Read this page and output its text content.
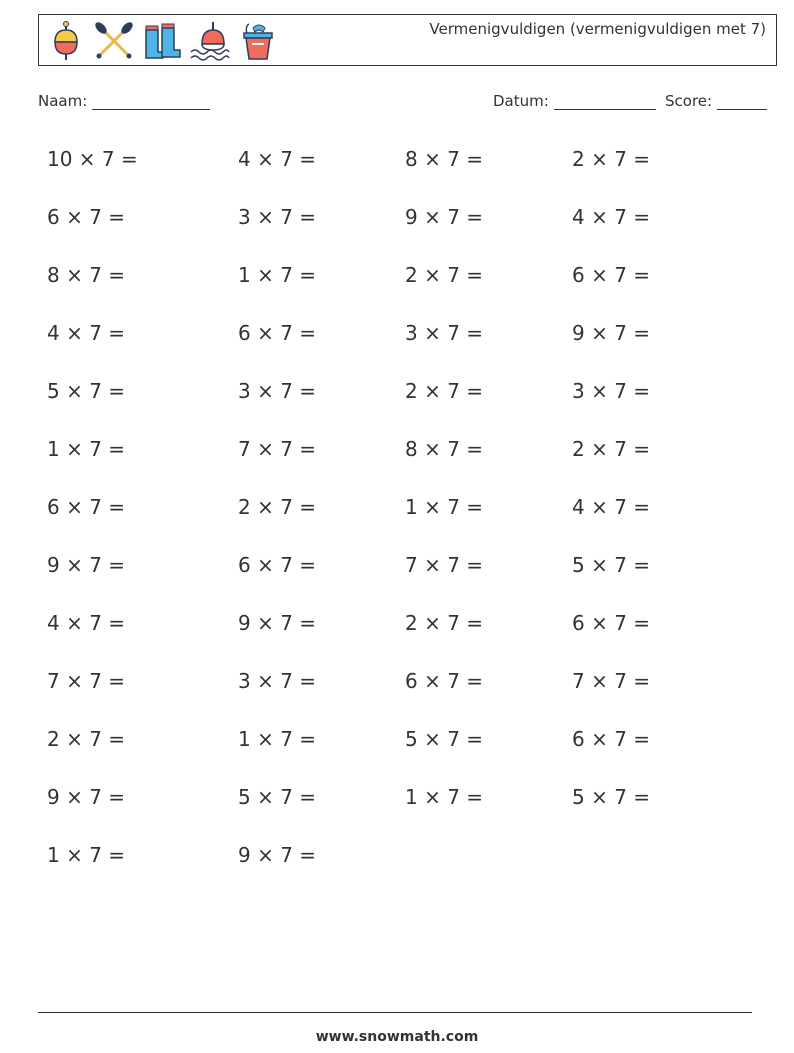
Vermenigvuldigen (vermenigvuldigen met 7)
Naam:	Datum:	Score:
10 × 7 =	4 × 7 =	8 × 7 =	2 × 7 =
6 × 7 =	3 × 7 =	9 × 7 =	4 × 7 =
8 × 7 =	1 × 7 =	2 × 7 =	6 × 7 =
4 × 7 =	6 × 7 =	3 × 7 =	9 × 7 =
5 × 7 =	3 × 7 =	2 × 7 =	3 × 7 =
1 × 7 =	7 × 7 =	8 × 7 =	2 × 7 =
6 × 7 =	2 × 7 =	1 × 7 =	4 × 7 =
9 × 7 =	6 × 7 =	7 × 7 =	5 × 7 =
4 × 7 =	9 × 7 =	2 × 7 =	6 × 7 =
7 × 7 =	3 × 7 =	6 × 7 =	7 × 7 =
2 × 7 =	1 × 7 =	5 × 7 =	6 × 7 =
9 × 7 =	5 × 7 =	1 × 7 =	5 × 7 =
1 × 7 =	9 × 7 =
www.snowmath.com
